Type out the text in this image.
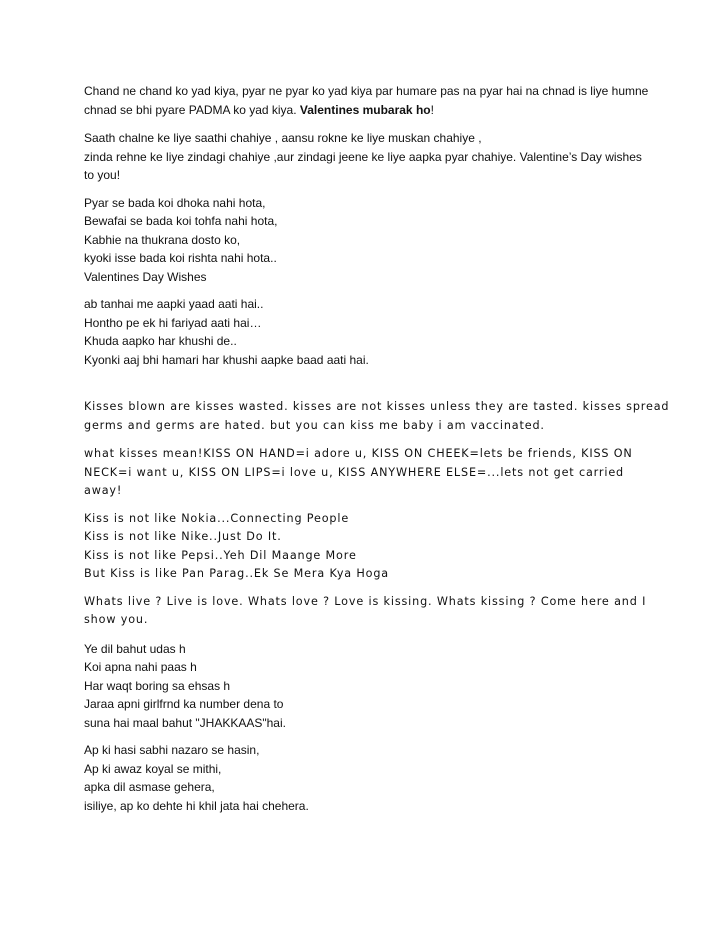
Chand ne chand ko yad kiya, pyar ne pyar ko yad kiya par humare pas na pyar hai na chnad is liye humne
chnad se bhi pyare PADMA ko yad kiya. Valentines mubarak ho!

Saath chalne ke liye saathi chahiye , aansu rokne ke liye muskan chahiye ,
zinda rehne ke liye zindagi chahiye ,aur zindagi jeene ke liye aapka pyar chahiye. Valentine’s Day wishes
to you!

Pyar se bada koi dhoka nahi hota,
Bewafai se bada koi tohfa nahi hota,
Kabhie na thukrana dosto ko,
kyoki isse bada koi rishta nahi hota..
Valentines Day Wishes

ab tanhai me aapki yaad aati hai..
Hontho pe ek hi fariyad aati hai…
Khuda aapko har khushi de..
Kyonki aaj bhi hamari har khushi aapke baad aati hai.

Kisses blown are kisses wasted. kisses are not kisses unless they are tasted. kisses spread
germs and germs are hated. but you can kiss me baby i am vaccinated.

what kisses mean!KISS ON HAND=i adore u, KISS ON CHEEK=lets be friends, KISS ON
NECK=i want u, KISS ON LIPS=i love u, KISS ANYWHERE ELSE=...lets not get carried
away!

Kiss is not like Nokia...Connecting People
Kiss is not like Nike..Just Do It.
Kiss is not like Pepsi..Yeh Dil Maange More
But Kiss is like Pan Parag..Ek Se Mera Kya Hoga

Whats live ? Live is love. Whats love ? Love is kissing. Whats kissing ? Come here and I
show you.

Ye dil bahut udas h
Koi apna nahi paas h
Har waqt boring sa ehsas h
Jaraa apni girlfrnd ka number dena to
suna hai maal bahut "JHAKKAAS"hai.

Ap ki hasi sabhi nazaro se hasin,
Ap ki awaz koyal se mithi,
apka dil asmase gehera,
isiliye, ap ko dehte hi khil jata hai chehera.
